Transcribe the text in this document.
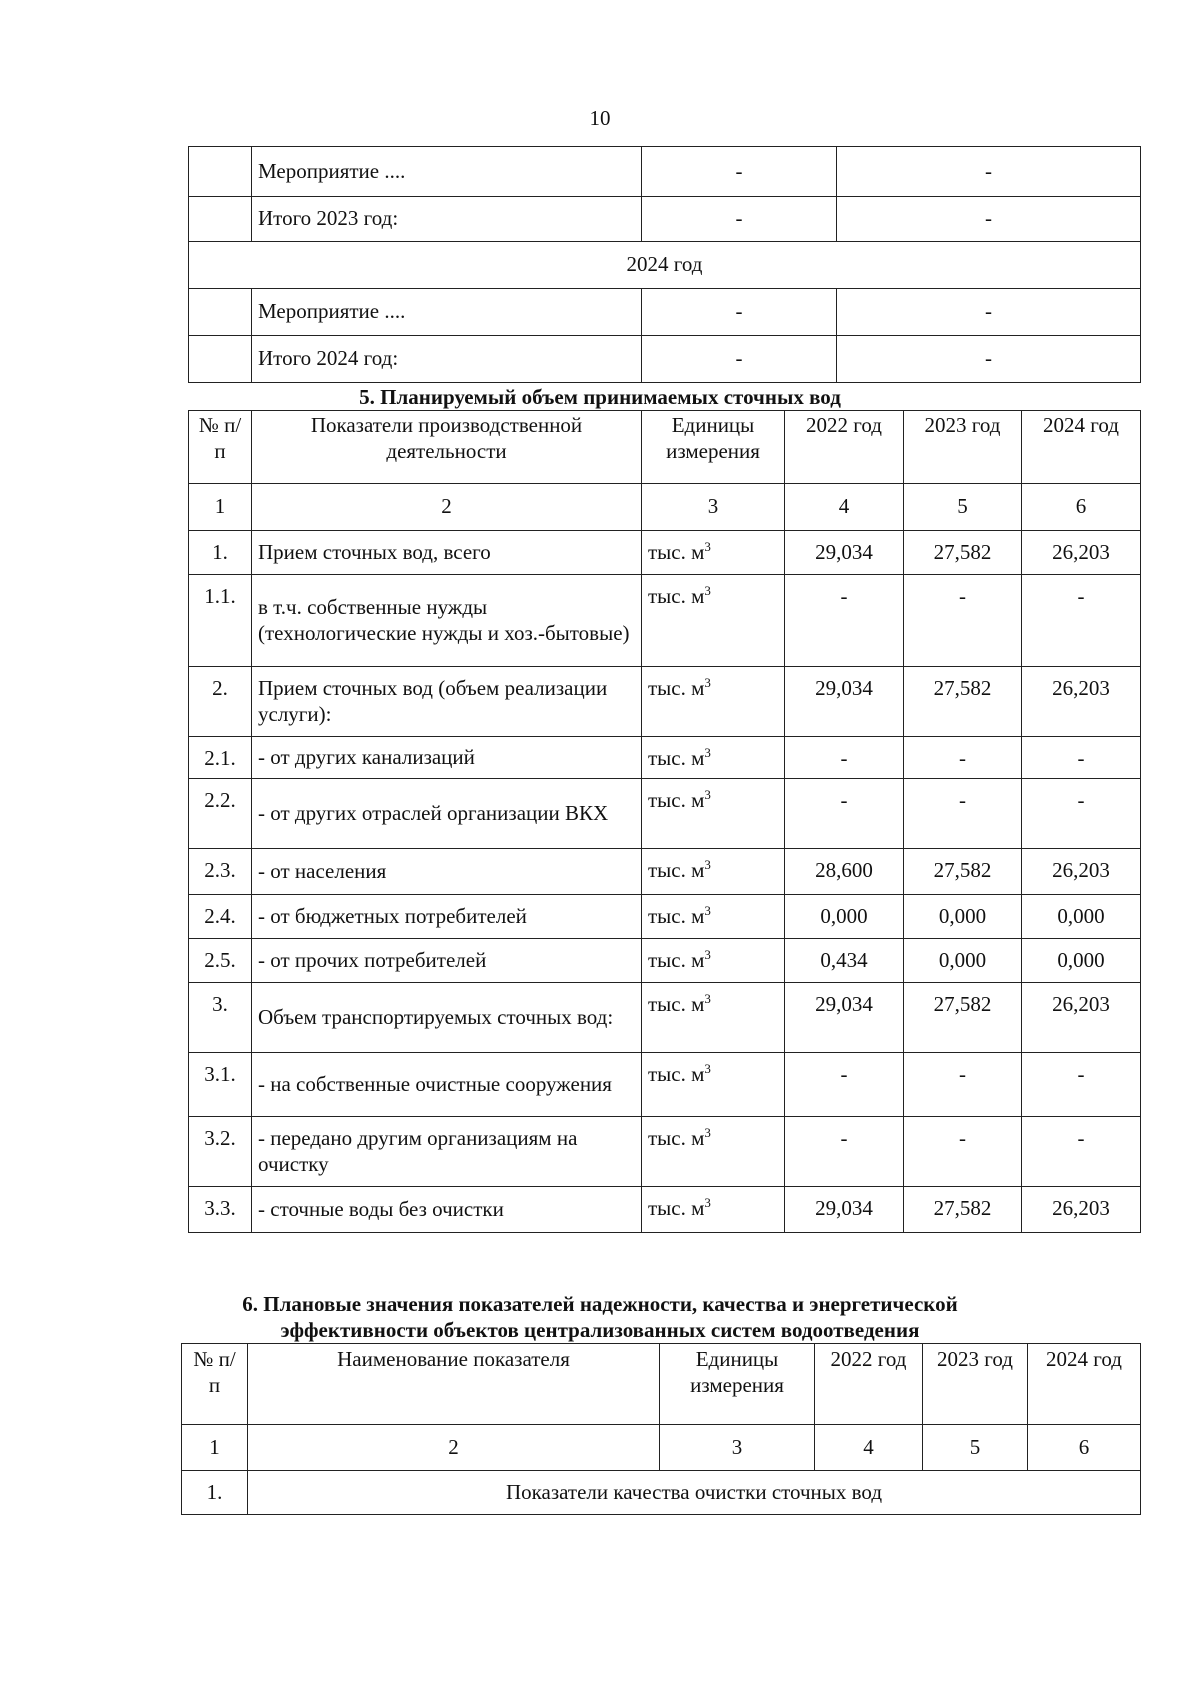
10
	Мероприятие ....	-	-
	Итого 2023 год:	-	-
2024 год			
	Мероприятие ....	-	-
	Итого 2024 год:	-	-
5. Планируемый объем принимаемых сточных вод
№ п/п	Показатели производственной деятельности	Единицы измерения	2022 год	2023 год	2024 год
1	2	3	4	5	6
1.	Прием сточных вод, всего	тыс. $м^3$	29,034	27,582	26,203
1.1.	в т.ч. собственные нужды (технологические нужды и хоз.-бытовые)	тыс. $м^3$	-	-	-
2.	Прием сточных вод (объем реализации услуги):	тыс. $м^3$	29,034	27,582	26,203
2.1.	- от других канализаций	тыс. $м^3$	-	-	-
2.2.	- от других отраслей организации ВКХ	тыс. $м^3$	-	-	-
2.3.	- от населения	тыс. $м^3$	28,600	27,582	26,203
2.4.	- от бюджетных потребителей	тыс. $м^3$	0,000	0,000	0,000
2.5.	- от прочих потребителей	тыс. $м^3$	0,434	0,000	0,000
3.	Объем транспортируемых сточных вод:	тыс. $м^3$	29,034	27,582	26,203
3.1.	- на собственные очистные сооружения	тыс. $м^3$	-	-	-
3.2.	- передано другим организациям на очистку	тыс. $м^3$	-	-	-
3.3.	- сточные воды без очистки	тыс. $м^3$	29,034	27,582	26,203
6. Плановые значения показателей надежности, качества и энергетической
эффективности объектов централизованных систем водоотведения
№ п/п	Наименование показателя	Единицы измерения	2022 год	2023 год	2024 год
1	2	3	4	5	6
1.	Показатели качества очистки сточных вод				
